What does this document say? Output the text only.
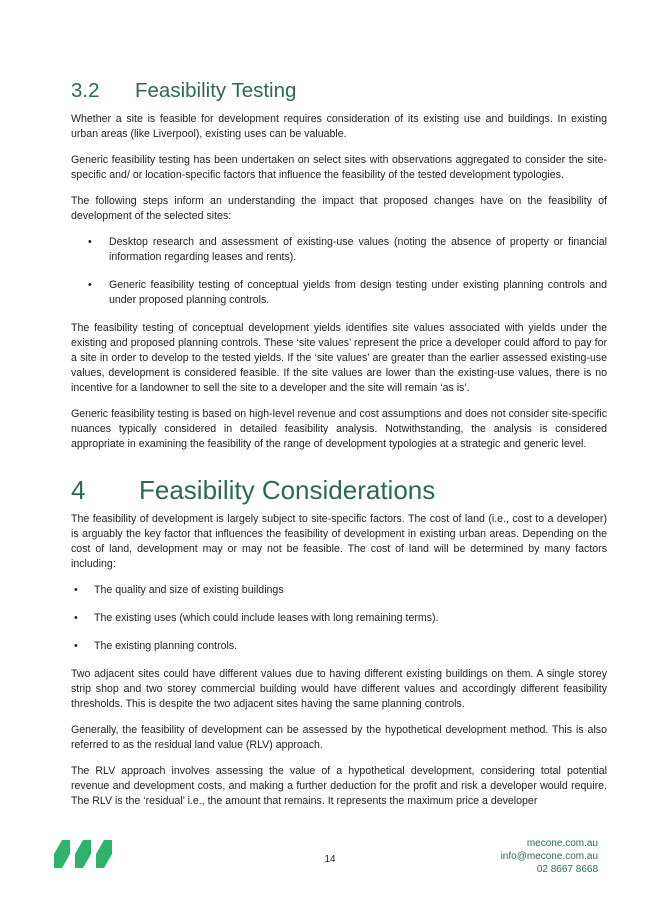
3.2	Feasibility Testing

Whether a site is feasible for development requires consideration of its existing use and buildings. In existing urban areas (like Liverpool), existing uses can be valuable.

Generic feasibility testing has been undertaken on select sites with observations aggregated to consider the site-specific and/ or location-specific factors that influence the feasibility of the tested development typologies.

The following steps inform an understanding the impact that proposed changes have on the feasibility of development of the selected sites:

• Desktop research and assessment of existing-use values (noting the absence of property or financial information regarding leases and rents).
• Generic feasibility testing of conceptual yields from design testing under existing planning controls and under proposed planning controls.

The feasibility testing of conceptual development yields identifies site values associated with yields under the existing and proposed planning controls. These ‘site values’ represent the price a developer could afford to pay for a site in order to develop to the tested yields. If the ‘site values’ are greater than the earlier assessed existing-use values, development is considered feasible. If the site values are lower than the existing-use values, there is no incentive for a landowner to sell the site to a developer and the site will remain ‘as is’.

Generic feasibility testing is based on high-level revenue and cost assumptions and does not consider site-specific nuances typically considered in detailed feasibility analysis. Notwithstanding, the analysis is considered appropriate in examining the feasibility of the range of development typologies at a strategic and generic level.

4	Feasibility Considerations

The feasibility of development is largely subject to site-specific factors. The cost of land (i.e., cost to a developer) is arguably the key factor that influences the feasibility of development in existing urban areas. Depending on the cost of land, development may or may not be feasible. The cost of land will be determined by many factors including:

• The quality and size of existing buildings
• The existing uses (which could include leases with long remaining terms).
• The existing planning controls.

Two adjacent sites could have different values due to having different existing buildings on them. A single storey strip shop and two storey commercial building would have different values and accordingly different feasibility thresholds. This is despite the two adjacent sites having the same planning controls.

Generally, the feasibility of development can be assessed by the hypothetical development method. This is also referred to as the residual land value (RLV) approach.

The RLV approach involves assessing the value of a hypothetical development, considering total potential revenue and development costs, and making a further deduction for the profit and risk a developer would require. The RLV is the ‘residual’ i.e., the amount that remains. It represents the maximum price a developer

14
mecone.com.au
info@mecone.com.au
02 8667 8668
